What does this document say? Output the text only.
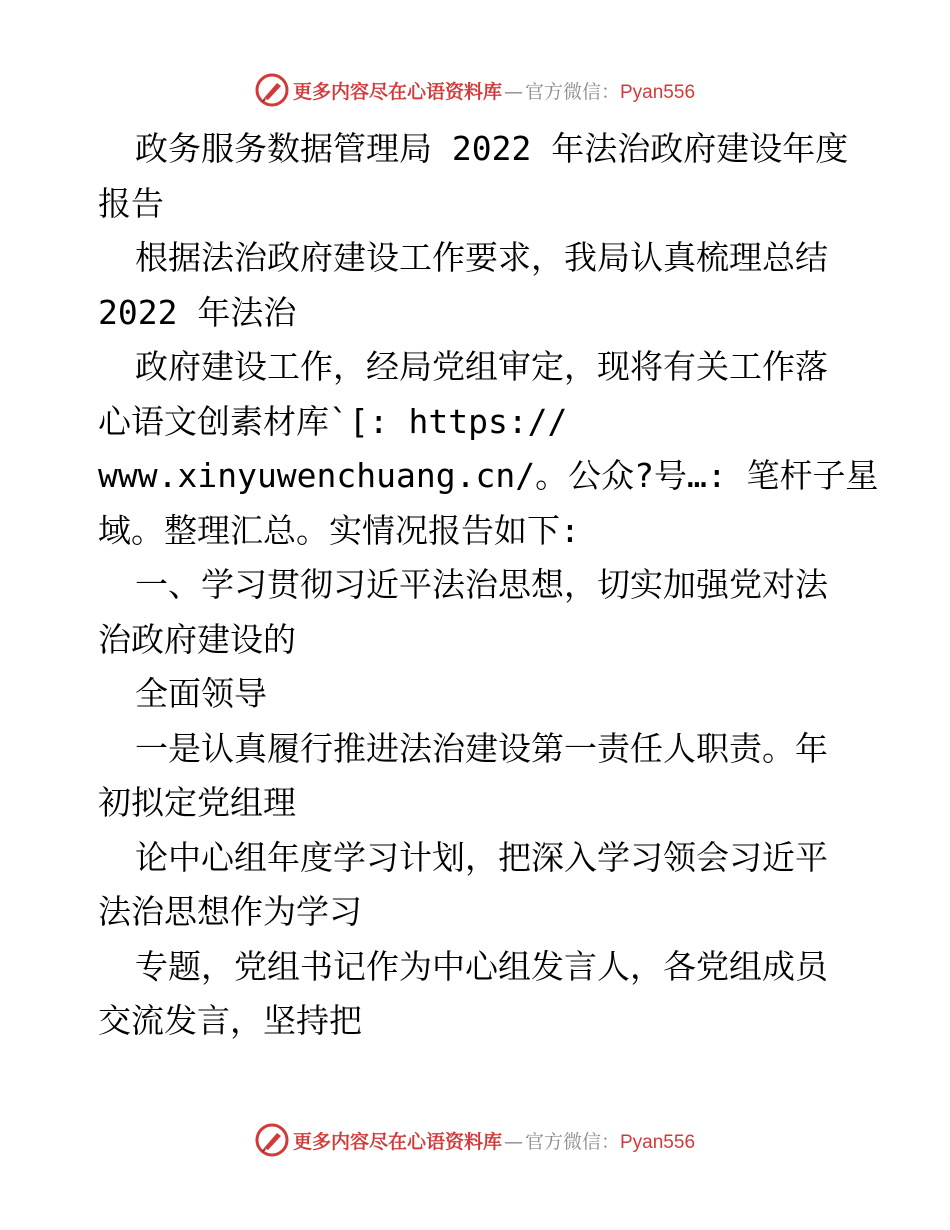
更多内容尽在心语资料库 — 官方微信：Pyan556
政务服务数据管理局 2022 年法治政府建设年度
报告
根据法治政府建设工作要求，我局认真梳理总结
2022 年法治
政府建设工作，经局党组审定，现将有关工作落
心语文创素材库`[: https://
www.xinyuwenchuang.cn/。公众?号…: 笔杆子星
域。整理汇总。实情况报告如下:
一、学习贯彻习近平法治思想，切实加强党对法
治政府建设的
全面领导
一是认真履行推进法治建设第一责任人职责。年
初拟定党组理
论中心组年度学习计划，把深入学习领会习近平
法治思想作为学习
专题，党组书记作为中心组发言人，各党组成员
交流发言，坚持把
更多内容尽在心语资料库 — 官方微信：Pyan556
